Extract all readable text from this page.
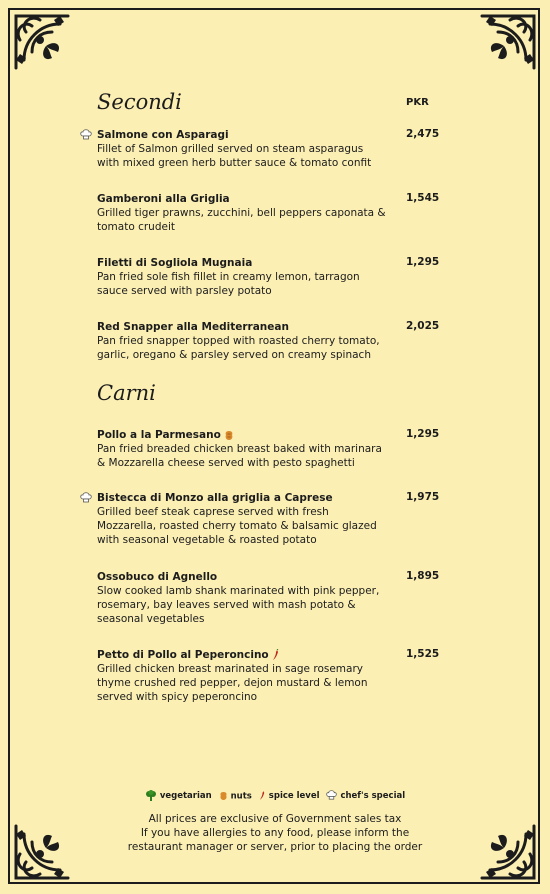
Secondi	PKR
Salmone con Asparagi
Fillet of Salmon grilled served on steam asparagus with mixed green herb butter sauce & tomato confit
2,475
Gamberoni alla Griglia
Grilled tiger prawns, zucchini, bell peppers caponata & tomato crudeit
1,545
Filetti di Sogliola Mugnaia
Pan fried sole fish fillet in creamy lemon, tarragon sauce served with parsley potato
1,295
Red Snapper alla Mediterranean
Pan fried snapper topped with roasted cherry tomato, garlic, oregano & parsley served on creamy spinach
2,025
Carni
Pollo a la Parmesano
Pan fried breaded chicken breast baked with marinara & Mozzarella cheese served with pesto spaghetti
1,295
Bistecca di Monzo alla griglia a Caprese
Grilled beef steak caprese served with fresh Mozzarella, roasted cherry tomato & balsamic glazed with seasonal vegetable & roasted potato
1,975
Ossobuco di Agnello
Slow cooked lamb shank marinated with pink pepper, rosemary, bay leaves served with mash potato & seasonal vegetables
1,895
Petto di Pollo al Peperoncino
Grilled chicken breast marinated in sage rosemary thyme crushed red pepper, dejon mustard & lemon served with spicy peperoncino
1,525
vegetarian nuts spice level chef's special
All prices are exclusive of Government sales tax
If you have allergies to any food, please inform the
restaurant manager or server, prior to placing the order
